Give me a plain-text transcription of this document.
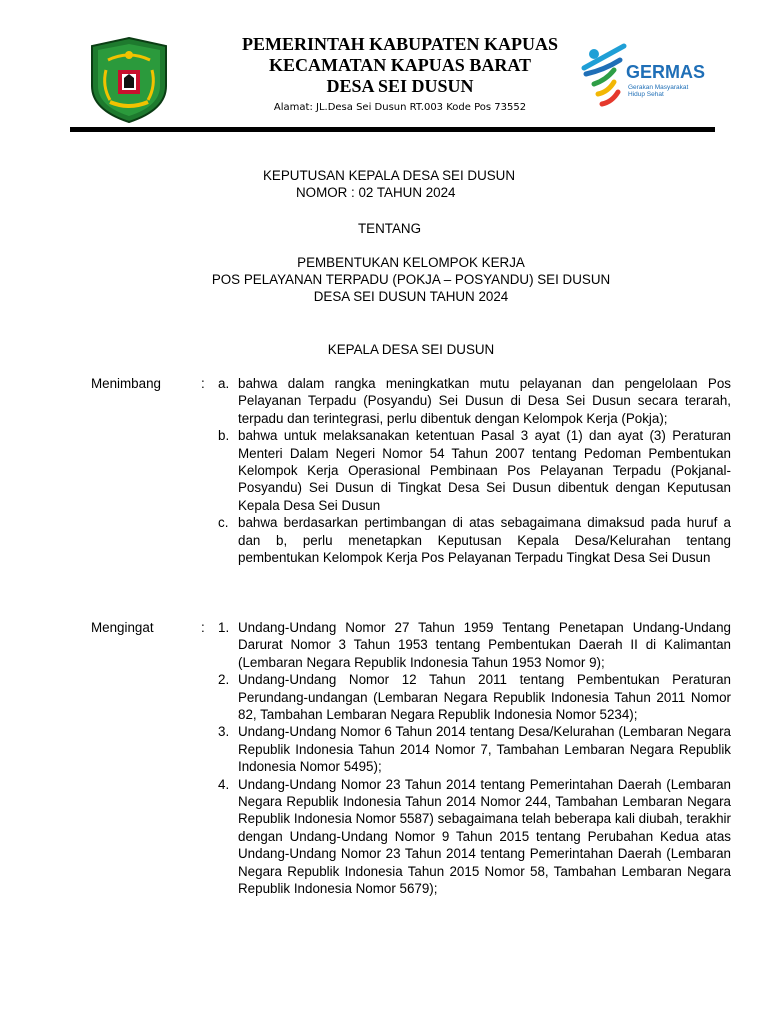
PEMERINTAH KABUPATEN KAPUAS
KECAMATAN KAPUAS BARAT
DESA SEI DUSUN
Alamat: JL.Desa Sei Dusun RT.003 Kode Pos 73552
GERMAS
Gerakan Masyarakat
Hidup Sehat
KEPUTUSAN KEPALA DESA SEI DUSUN
NOMOR : 02 TAHUN 2024
TENTANG
PEMBENTUKAN KELOMPOK KERJA
POS PELAYANAN TERPADU (POKJA – POSYANDU) SEI DUSUN
DESA SEI DUSUN TAHUN 2024
KEPALA DESA SEI DUSUN
Menimbang	: a. bahwa dalam rangka meningkatkan mutu pelayanan dan pengelolaan Pos Pelayanan Terpadu (Posyandu) Sei Dusun di Desa Sei Dusun secara terarah, terpadu dan terintegrasi, perlu dibentuk dengan Kelompok Kerja (Pokja);
b. bahwa untuk melaksanakan ketentuan Pasal 3 ayat (1) dan ayat (3) Peraturan Menteri Dalam Negeri Nomor 54 Tahun 2007 tentang Pedoman Pembentukan Kelompok Kerja Operasional Pembinaan Pos Pelayanan Terpadu (Pokjanal-Posyandu) Sei Dusun di Tingkat Desa Sei Dusun dibentuk dengan Keputusan Kepala Desa Sei Dusun
c. bahwa berdasarkan pertimbangan di atas sebagaimana dimaksud pada huruf a dan b, perlu menetapkan Keputusan Kepala Desa/Kelurahan tentang pembentukan Kelompok Kerja Pos Pelayanan Terpadu Tingkat Desa Sei Dusun
Mengingat	: 1. Undang-Undang Nomor 27 Tahun 1959 Tentang Penetapan Undang-Undang Darurat Nomor 3 Tahun 1953 tentang Pembentukan Daerah II di Kalimantan (Lembaran Negara Republik Indonesia Tahun 1953 Nomor 9);
2. Undang-Undang Nomor 12 Tahun 2011 tentang Pembentukan Peraturan Perundang-undangan (Lembaran Negara Republik Indonesia Tahun 2011 Nomor 82, Tambahan Lembaran Negara Republik Indonesia Nomor 5234);
3. Undang-Undang Nomor 6 Tahun 2014 tentang Desa/Kelurahan (Lembaran Negara Republik Indonesia Tahun 2014 Nomor 7, Tambahan Lembaran Negara Republik Indonesia Nomor 5495);
4. Undang-Undang Nomor 23 Tahun 2014 tentang Pemerintahan Daerah (Lembaran Negara Republik Indonesia Tahun 2014 Nomor 244, Tambahan Lembaran Negara Republik Indonesia Nomor 5587) sebagaimana telah beberapa kali diubah, terakhir dengan Undang-Undang Nomor 9 Tahun 2015 tentang Perubahan Kedua atas Undang-Undang Nomor 23 Tahun 2014 tentang Pemerintahan Daerah (Lembaran Negara Republik Indonesia Tahun 2015 Nomor 58, Tambahan Lembaran Negara Republik Indonesia Nomor 5679);
